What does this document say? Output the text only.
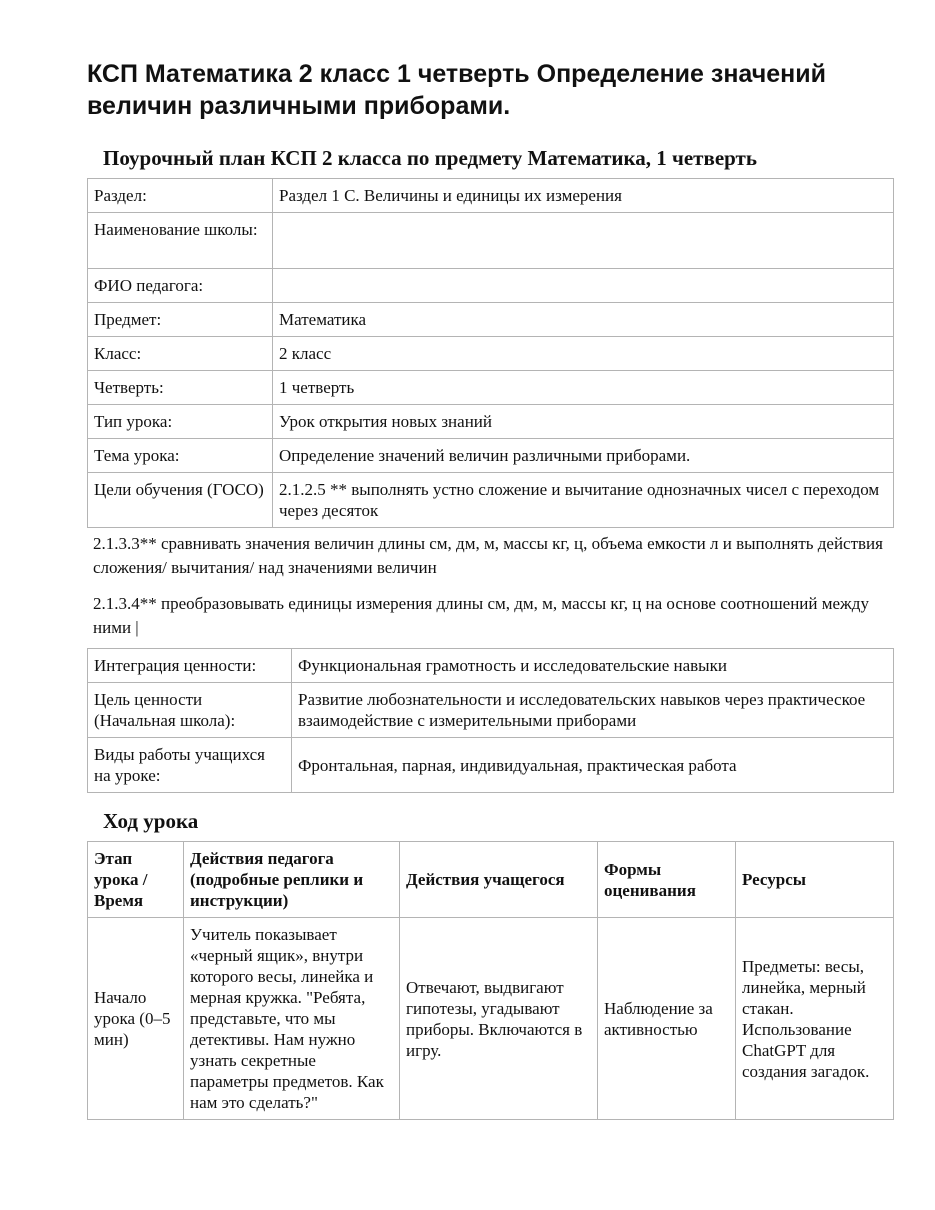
КСП Математика 2 класс 1 четверть Определение значений величин различными приборами.
Поурочный план КСП 2 класса по предмету Математика, 1 четверть
Раздел:	Раздел 1 С. Величины и единицы их измерения
Наименование школы:	
ФИО педагога:	
Предмет:	Математика
Класс:	2 класс
Четверть:	1 четверть
Тип урока:	Урок открытия новых знаний
Тема урока:	Определение значений величин различными приборами.
Цели обучения (ГОСО)	2.1.2.5 ** выполнять устно сложение и вычитание однозначных чисел с переходом через десяток

2.1.3.3** сравнивать значения величин длины см, дм, м, массы кг, ц, объема емкости л и выполнять действия сложения/ вычитания/ над значениями величин

2.1.3.4** преобразовывать единицы измерения длины см, дм, м, массы кг, ц на основе соотношений между ними |

Интеграция ценности:	Функциональная грамотность и исследовательские навыки
Цель ценности (Начальная школа):	Развитие любознательности и исследовательских навыков через практическое взаимодействие с измерительными приборами
Виды работы учащихся на уроке:	Фронтальная, парная, индивидуальная, практическая работа
Ход урока
Этап урока / Время	Действия педагога (подробные реплики и инструкции)	Действия учащегося	Формы оценивания	Ресурсы
Начало урока (0–5 мин)	Учитель показывает «черный ящик», внутри которого весы, линейка и мерная кружка. "Ребята, представьте, что мы детективы. Нам нужно узнать секретные параметры предметов. Как нам это сделать?"	Отвечают, выдвигают гипотезы, угадывают приборы. Включаются в игру.	Наблюдение за активностью	Предметы: весы, линейка, мерный стакан. Использование ChatGPT для создания загадок.
